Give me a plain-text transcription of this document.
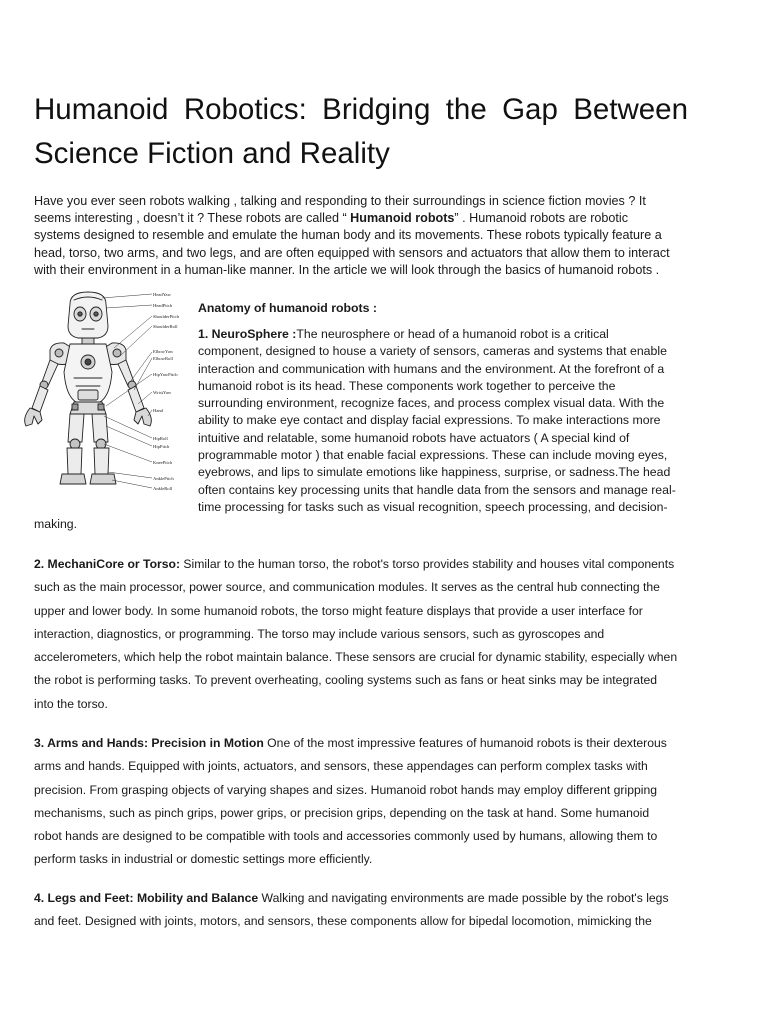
Humanoid Robotics: Bridging the Gap Between Science Fiction and Reality

Have you ever seen robots walking , talking and responding to their surroundings in science fiction movies ? It seems interesting , doesn’t it ? These robots are called “ Humanoid robots” . Humanoid robots are robotic systems designed to resemble and emulate the human body and its movements. These robots typically feature a head, torso, two arms, and two legs, and are often equipped with sensors and actuators that allow them to interact with their environment in a human-like manner. In the article we will look through the basics of humanoid robots .

HeadYaw
HeadPitch
ShoulderPitch
ShoulderRoll
ElbowYaw
ElbowRoll
WristYaw
Hand
HipYawPitch
HipRoll
HipPitch
KneePitch
AnklePitch
AnkleRoll
Anatomy of humanoid robots :

1. NeuroSphere :The neurosphere or head of a humanoid robot is a critical component, designed to house a variety of sensors, cameras and systems that enable interaction and communication with humans and the environment. At the forefront of a humanoid robot is its head. These components work together to perceive the surrounding environment, recognize faces, and process complex visual data. With the ability to make eye contact and display facial expressions. To make interactions more intuitive and relatable, some humanoid robots have actuators ( A special kind of programmable motor ) that enable facial expressions. These can include moving eyes, eyebrows, and lips to simulate emotions like happiness, surprise, or sadness.The head often contains key processing units that handle data from the sensors and manage real-time processing for tasks such as visual recognition, speech processing, and decision-making.

2. MechaniCore or Torso: Similar to the human torso, the robot's torso provides stability and houses vital components such as the main processor, power source, and communication modules. It serves as the central hub connecting the upper and lower body. In some humanoid robots, the torso might feature displays that provide a user interface for interaction, diagnostics, or programming. The torso may include various sensors, such as gyroscopes and accelerometers, which help the robot maintain balance. These sensors are crucial for dynamic stability, especially when the robot is performing tasks. To prevent overheating, cooling systems such as fans or heat sinks may be integrated into the torso.

3. Arms and Hands: Precision in Motion One of the most impressive features of humanoid robots is their dexterous arms and hands. Equipped with joints, actuators, and sensors, these appendages can perform complex tasks with precision. From grasping objects of varying shapes and sizes. Humanoid robot hands may employ different gripping mechanisms, such as pinch grips, power grips, or precision grips, depending on the task at hand. Some humanoid robot hands are designed to be compatible with tools and accessories commonly used by humans, allowing them to perform tasks in industrial or domestic settings more efficiently.

4. Legs and Feet: Mobility and Balance Walking and navigating environments are made possible by the robot's legs and feet. Designed with joints, motors, and sensors, these components allow for bipedal locomotion, mimicking the
